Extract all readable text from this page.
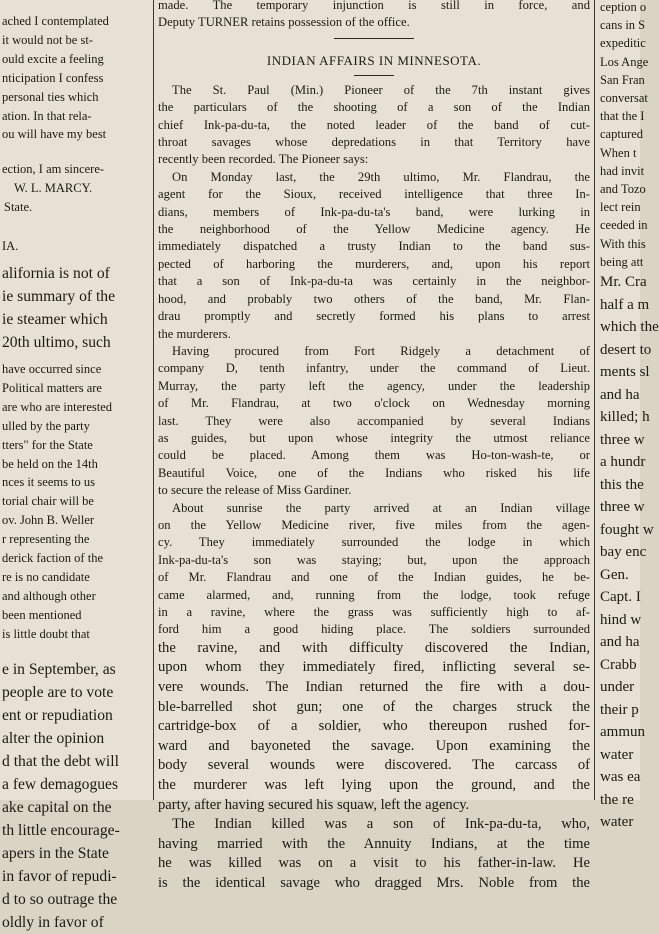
ached I contemplated

it would not be st-

ould excite a feeling

nticipation I confess

personal ties which

ation. In that rela-

ou will have my best

ection, I am sincere-

W. L. MARCY.

State.

IA.

alifornia is not of

ie summary of the

ie steamer which

20th ultimo, such

have occurred since

Political matters are

are who are interested

ulled by the party

tters" for the State

be held on the 14th

nces it seems to us

torial chair will be

ov. John B. Weller

r representing the

derick faction of the

re is no candidate

and although other

been mentioned

is little doubt that

e in September, as

people are to vote

ent or repudiation

alter the opinion

d that the debt will

a few demagogues

ake capital on the

th little encourage-

apers in the State

in favor of repudi-

d to so outrage the

oldly in favor of

made. The temporary injunction is still in force, and

Deputy TURNER retains possession of the office.

INDIAN AFFAIRS IN MINNESOTA.

The St. Paul (Min.) Pioneer of the 7th instant gives

the particulars of the shooting of a son of the Indian

chief Ink-pa-du-ta, the noted leader of the band of cut-

throat savages whose depredations in that Territory have

recently been recorded. The Pioneer says:

On Monday last, the 29th ultimo, Mr. Flandrau, the

agent for the Sioux, received intelligence that three In-

dians, members of Ink-pa-du-ta's band, were lurking in

the neighborhood of the Yellow Medicine agency. He

immediately dispatched a trusty Indian to the band sus-

pected of harboring the murderers, and, upon his report

that a son of Ink-pa-du-ta was certainly in the neighbor-

hood, and probably two others of the band, Mr. Flan-

drau promptly and secretly formed his plans to arrest

the murderers.

Having procured from Fort Ridgely a detachment of

company D, tenth infantry, under the command of Lieut.

Murray, the party left the agency, under the leadership

of Mr. Flandrau, at two o'clock on Wednesday morning

last. They were also accompanied by several Indians

as guides, but upon whose integrity the utmost reliance

could be placed. Among them was Ho-ton-wash-te, or

Beautiful Voice, one of the Indians who risked his life

to secure the release of Miss Gardiner.

About sunrise the party arrived at an Indian village

on the Yellow Medicine river, five miles from the agen-

cy. They immediately surrounded the lodge in which

Ink-pa-du-ta's son was staying; but, upon the approach

of Mr. Flandrau and one of the Indian guides, he be-

came alarmed, and, running from the lodge, took refuge

in a ravine, where the grass was sufficiently high to af-

ford him a good hiding place. The soldiers surrounded

the ravine, and with difficulty discovered the Indian,

upon whom they immediately fired, inflicting several se-

vere wounds. The Indian returned the fire with a dou-

ble-barrelled shot gun; one of the charges struck the

cartridge-box of a soldier, who thereupon rushed for-

ward and bayoneted the savage. Upon examining the

body several wounds were discovered. The carcass of

the murderer was left lying upon the ground, and the

party, after having secured his squaw, left the agency.

The Indian killed was a son of Ink-pa-du-ta, who,

having married with the Annuity Indians, at the time

he was killed was on a visit to his father-in-law. He

is the identical savage who dragged Mrs. Noble from the

ception o

cans in S

expeditic

Los Ange

San Fran

conversat

that the I

captured

When t

had invit

and Tozo

lect rein

ceeded in

With this

being att

Mr. Cra

half a m

which the

desert to

ments sl

and ha

killed; h

three w

a hundr

this the

three w

fought w

bay enc

Gen.

Capt. I

hind w

and ha

Crabb

under

their p

ammun

water

was ea

the re

water
